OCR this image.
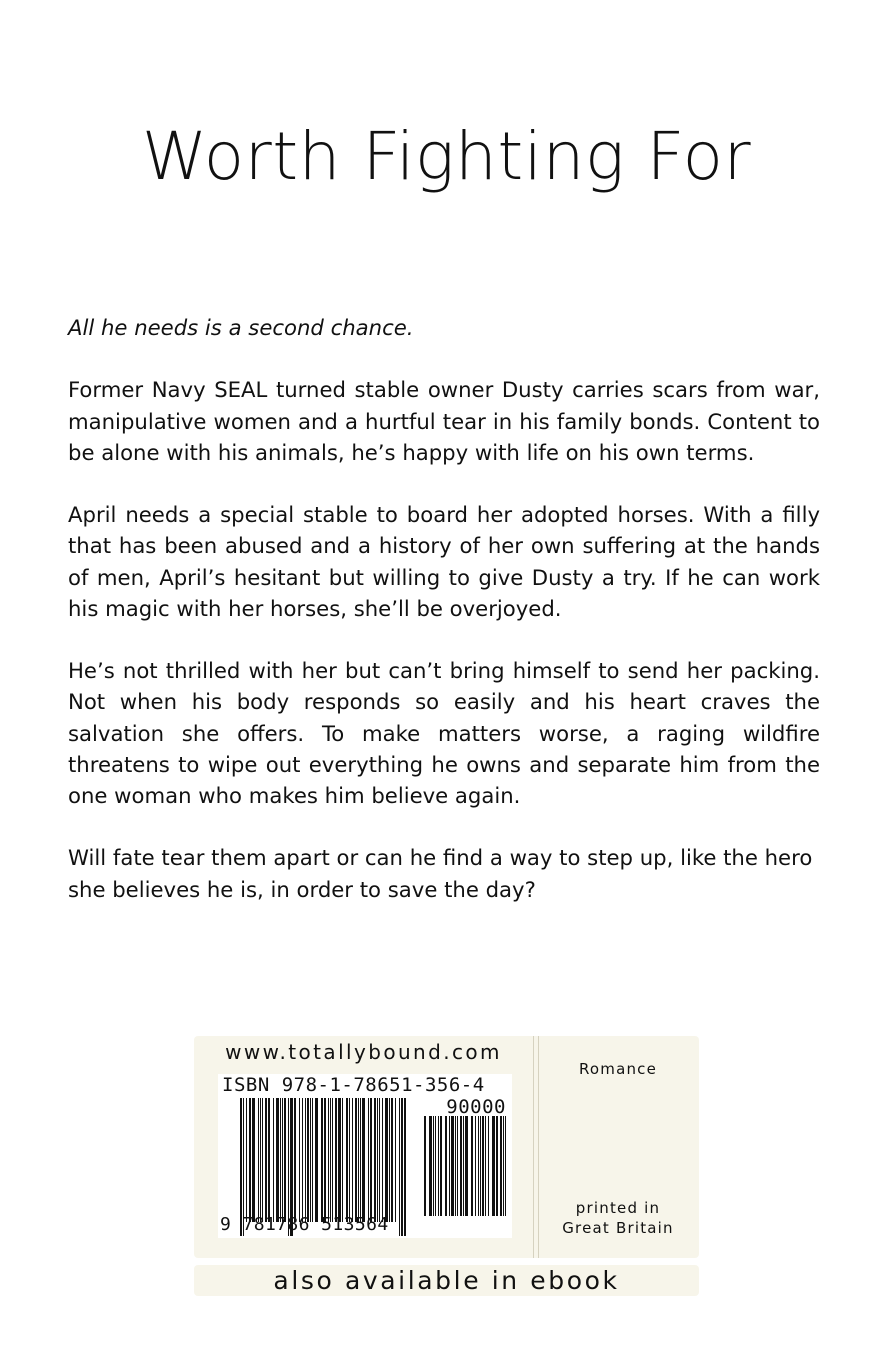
Worth Fighting For

All he needs is a second chance.

Former Navy SEAL turned stable owner Dusty carries scars from war, manipulative women and a hurtful tear in his family bonds. Content to be alone with his animals, he’s happy with life on his own terms.

April needs a special stable to board her adopted horses. With a filly that has been abused and a history of her own suffering at the hands of men, April’s hesitant but willing to give Dusty a try. If he can work his magic with her horses, she’ll be overjoyed.

He’s not thrilled with her but can’t bring himself to send her packing. Not when his body responds so easily and his heart craves the salvation she offers. To make matters worse, a raging wildfire threatens to wipe out everything he owns and separate him from the one woman who makes him believe again.

Will fate tear them apart or can he find a way to step up, like the hero she believes he is, in order to save the day?

www.totallybound.com
ISBN 978-1-78651-356-4
90000
9 781786 513564
Romance
printed in
Great Britain
also available in ebook
